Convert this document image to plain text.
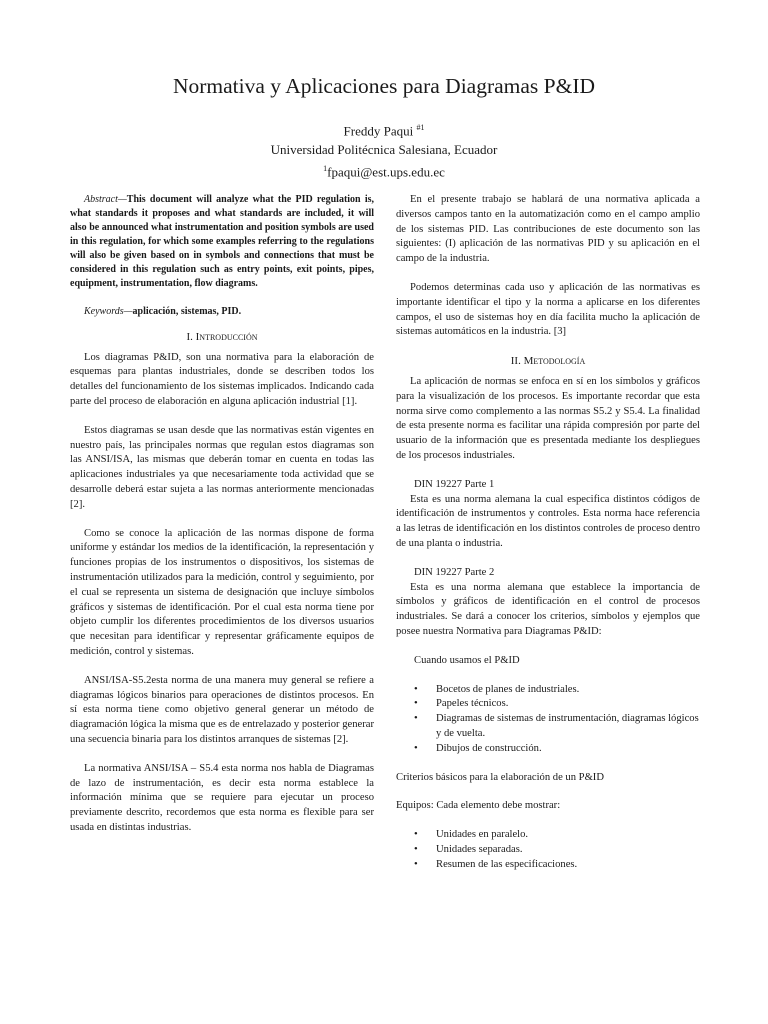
Normativa y Aplicaciones para Diagramas P&ID
Freddy Paqui $^{\#1}$
Universidad Politécnica Salesiana, Ecuador
$^1$fpaqui@est.ups.edu.ec

Abstract—This document will analyze what the PID regulation is, what standards it proposes and what standards are included, it will also be announced what instrumentation and position symbols are used in this regulation, for which some examples referring to the regulations will also be given based on in symbols and connections that must be considered in this regulation such as entry points, exit points, pipes, equipment, instrumentation, flow diagrams.

Keywords—aplicación, sistemas, PID.

I. Introducción

Los diagramas P&ID, son una normativa para la elaboración de esquemas para plantas industriales, donde se describen todos los detalles del funcionamiento de los sistemas implicados. Indicando cada parte del proceso de elaboración en alguna aplicación industrial [1].

Estos diagramas se usan desde que las normativas están vigentes en nuestro país, las principales normas que regulan estos diagramas son las ANSI/ISA, las mismas que deberán tomar en cuenta en todas las aplicaciones industriales ya que necesariamente toda actividad que se desarrolle deberá estar sujeta a las normas anteriormente mencionadas [2].

Como se conoce la aplicación de las normas dispone de forma uniforme y estándar los medios de la identificación, la representación y funciones propias de los instrumentos o dispositivos, los sistemas de instrumentación utilizados para la medición, control y seguimiento, por el cual se representa un sistema de designación que incluye símbolos gráficos y sistemas de identificación. Por el cual esta norma tiene por objeto cumplir los diferentes procedimientos de los diversos usuarios que necesitan para identificar y representar gráficamente equipos de medición, control y sistemas.

ANSI/ISA-S5.2esta norma de una manera muy general se refiere a diagramas lógicos binarios para operaciones de distintos procesos. En sí esta norma tiene como objetivo general generar un método de diagramación lógica la misma que es de entrelazado y posterior generar una secuencia binaria para los distintos arranques de sistemas [2].

La normativa ANSI/ISA – S5.4 esta norma nos habla de Diagramas de lazo de instrumentación, es decir esta norma establece la información mínima que se requiere para ejecutar un proceso previamente descrito, recordemos que esta norma es flexible para ser usada en distintas industrias.

En el presente trabajo se hablará de una normativa aplicada a diversos campos tanto en la automatización como en el campo amplio de los sistemas PID. Las contribuciones de este documento son las siguientes: (I) aplicación de las normativas PID y su aplicación en el campo de la industria.

Podemos determinas cada uso y aplicación de las normativas es importante identificar el tipo y la norma a aplicarse en los diferentes campos, el uso de sistemas hoy en día facilita mucho la aplicación de sistemas automáticos en la industria. [3]

II. Metodología

La aplicación de normas se enfoca en sí en los símbolos y gráficos para la visualización de los procesos. Es importante recordar que esta norma sirve como complemento a las normas S5.2 y S5.4. La finalidad de esta presente norma es facilitar una rápida compresión por parte del usuario de la información que es presentada mediante los despliegues de los procesos industriales.

DIN 19227 Parte 1

Esta es una norma alemana la cual especifica distintos códigos de identificación de instrumentos y controles. Esta norma hace referencia a las letras de identificación en los distintos controles de proceso dentro de una planta o industria.

DIN 19227 Parte 2

Esta es una norma alemana que establece la importancia de símbolos y gráficos de identificación en el control de procesos industriales. Se dará a conocer los criterios, símbolos y ejemplos que posee nuestra Normativa para Diagramas P&ID:

Cuando usamos el P&ID

• Bocetos de planes de industriales.
• Papeles técnicos.
• Diagramas de sistemas de instrumentación, diagramas lógicos y de vuelta.
• Dibujos de construcción.

Criterios básicos para la elaboración de un P&ID

Equipos: Cada elemento debe mostrar:

• Unidades en paralelo.
• Unidades separadas.
• Resumen de las especificaciones.
